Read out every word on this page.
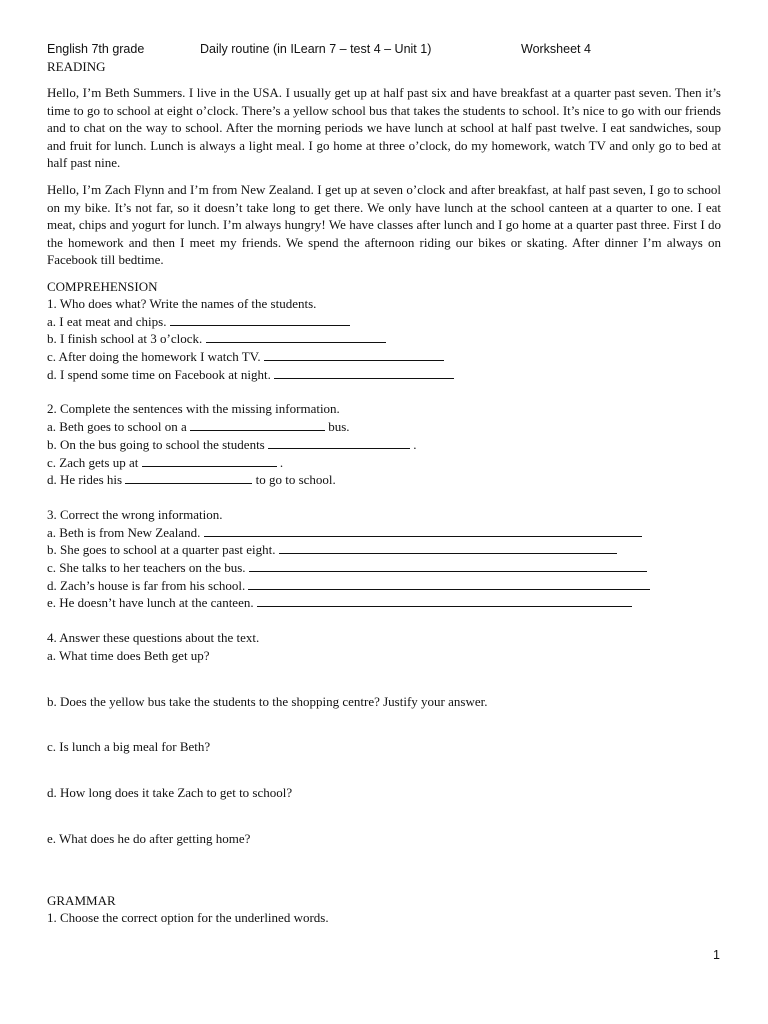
English 7th grade	Daily routine (in ILearn 7 – test 4 – Unit 1)	Worksheet 4

READING

Hello, I’m Beth Summers. I live in the USA. I usually get up at half past six and have breakfast at a quarter past seven. Then it’s time to go to school at eight o’clock. There’s a yellow school bus that takes the students to school. It’s nice to go with our friends and to chat on the way to school. After the morning periods we have lunch at school at half past twelve. I eat sandwiches, soup and fruit for lunch. Lunch is always a light meal. I go home at three o’clock, do my homework, watch TV and only go to bed at half past nine.

Hello, I’m Zach Flynn and I’m from New Zealand. I get up at seven o’clock and after breakfast, at half past seven, I go to school on my bike. It’s not far, so it doesn’t take long to get there. We only have lunch at the school canteen at a quarter to one. I eat meat, chips and yogurt for lunch. I’m always hungry! We have classes after lunch and I go home at a quarter past three. First I do the homework and then I meet my friends. We spend the afternoon riding our bikes or skating. After dinner I’m always on Facebook till bedtime.

COMPREHENSION

1. Who does what? Write the names of the students.

a. I eat meat and chips.

b. I finish school at 3 o’clock.

c. After doing the homework I watch TV.

d. I spend some time on Facebook at night.

2. Complete the sentences with the missing information.

a. Beth goes to school on a	bus.

b. On the bus going to school the students	.

c. Zach gets up at	.

d. He rides his	to go to school.

3. Correct the wrong information.

a. Beth is from New Zealand.

b. She goes to school at a quarter past eight.

c. She talks to her teachers on the bus.

d. Zach’s house is far from his school.

e. He doesn’t have lunch at the canteen.

4. Answer these questions about the text.

a. What time does Beth get up?

b. Does the yellow bus take the students to the shopping centre? Justify your answer.

c. Is lunch a big meal for Beth?

d. How long does it take Zach to get to school?

e. What does he do after getting home?

GRAMMAR

1. Choose the correct option for the underlined words.

1
